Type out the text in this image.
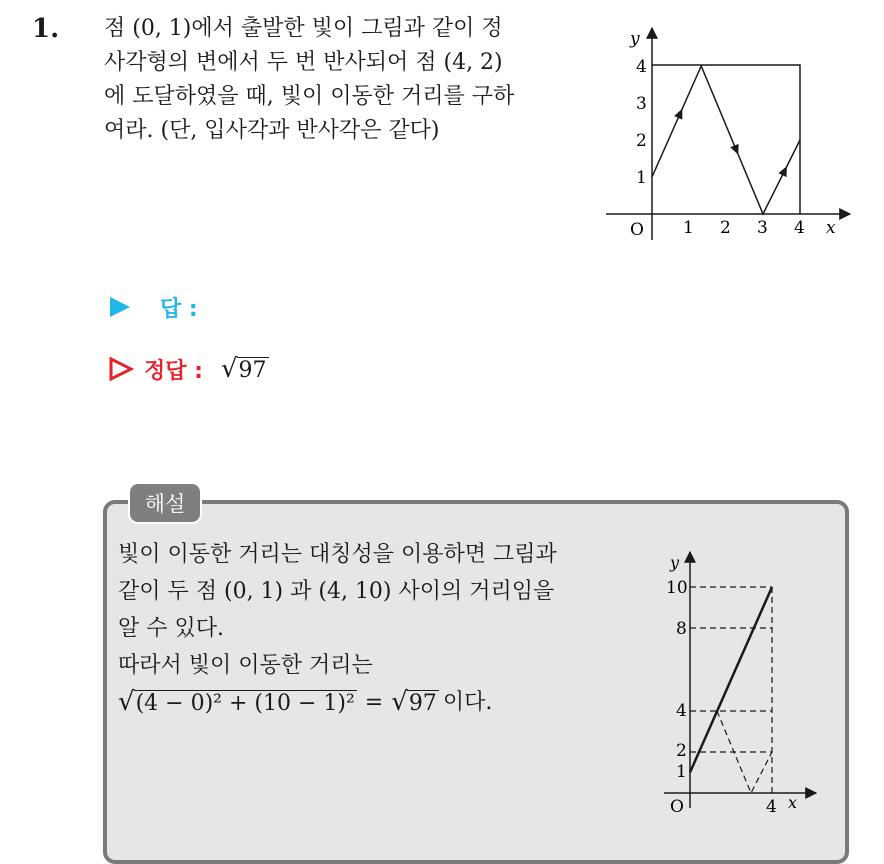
1. 점 (0, 1)에서 출발한 빛이 그림과 같이 정
사각형의 변에서 두 번 반사되어 점 (4, 2)
에 도달하였을 때, 빛이 이동한 거리를 구하
여라. (단, 입사각과 반사각은 같다)
y
x
O 1 2 3 4
1
2
3
4
답 :
정답 : √ 97
해설
빛이 이동한 거리는 대칭성을 이용하면 그림과
같이 두 점 (0, 1) 과 (4, 10) 사이의 거리임을
알 수 있다.
따라서 빛이 이동한 거리는
√ (4 − 0)² + (10 − 1)² = √ 97 이다.
y
x
O	4
1
2
4
8
10
